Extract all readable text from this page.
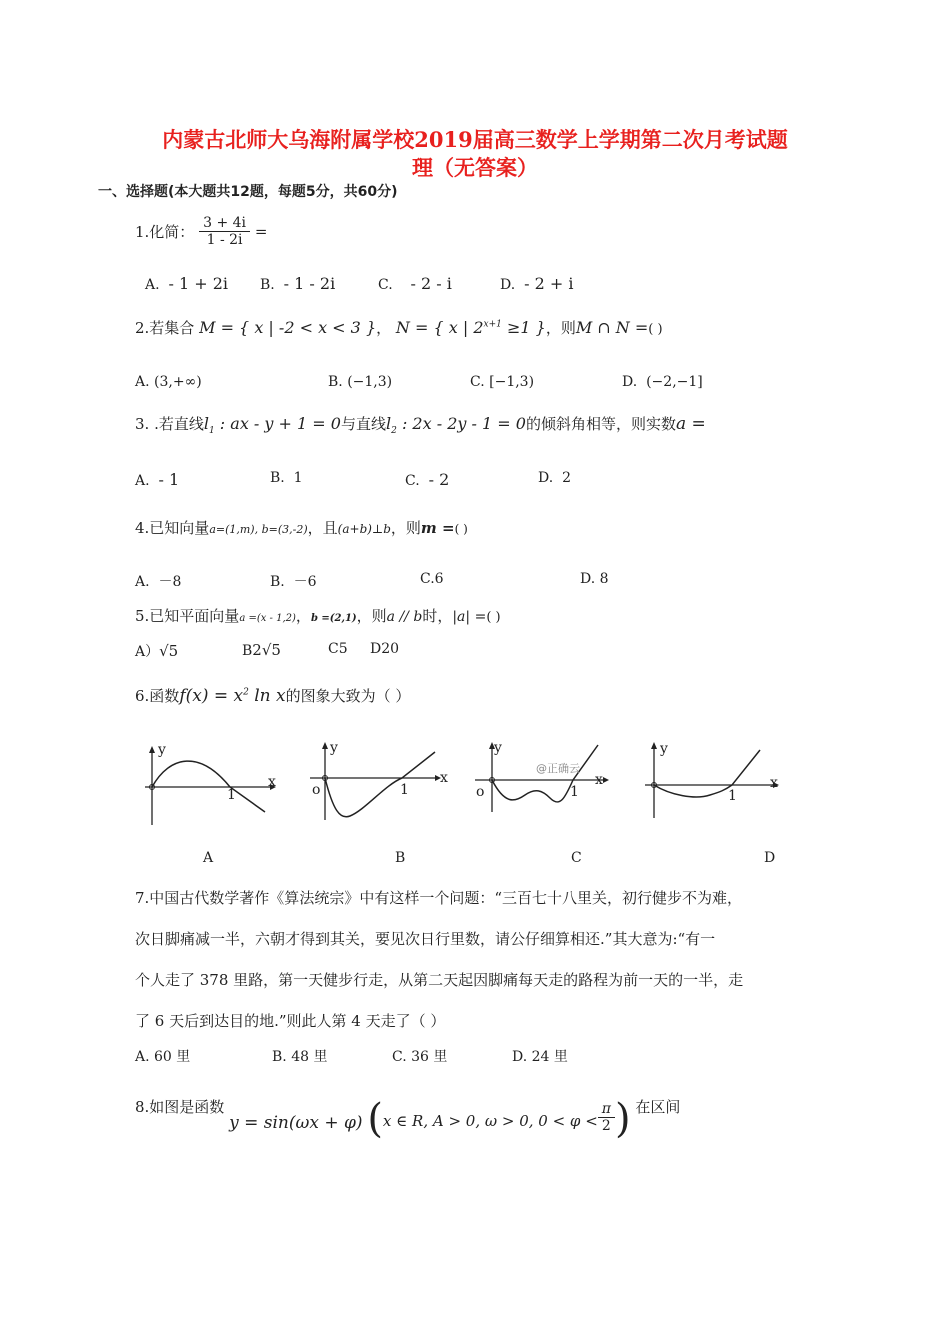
内蒙古北师大乌海附属学校2019届高三数学上学期第二次月考试题
理（无答案）
一、选择题(本大题共12题，每题5分，共60分)
1.化简： $\frac{3 + 4i}{1 - 2i}$ =
A. - 1 + 2i B. - 1 - 2i	C. - 2 - i	D. - 2 + i
2.若集合 M = { x | -2 < x < 3 }， N = { x | $2^{x+1} \ge 1$ }，则M ∩ N =( )
A. (3,+∞)	B. (−1,3)	C. [−1,3)	D. (−2,−1]
3. .若直线$l_1$ : ax - y + 1 = 0与直线$l_2$ : 2x - 2y - 1 = 0的倾斜角相等，则实数a =
A. - 1	B. 1	C. - 2	D. 2
4.已知向量a=(1,m), b=(3,-2)，且(a+b)⊥b，则m =( )
A. －8	B. －6	C.6	D. 8
5.已知平面向量a =(x - 1,2)，b =(2,1)，则a // b时，|a| =( )
A）√5	B2√5	C5 D20
6.函数$f(x) = x^2$ ln x的图象大致为（ ）
y
x
1
A
y
x
o	1
B
y
x
o	1
@正确云
C
y
x
1
D
7.中国古代数学著作《算法统宗》中有这样一个问题：“三百七十八里关，初行健步不为难，
次日脚痛减一半，六朝才得到其关，要见次日行里数，请公仔细算相还.”其大意为:“有一
个人走了 378 里路，第一天健步行走，从第二天起因脚痛每天走的路程为前一天的一半，走
了 6 天后到达目的地.”则此人第 4 天走了（ ）
A. 60 里	B. 48 里	C. 36 里	D. 24 里
8.如图是函数 y = sin(ωx + φ) (x ∈ R, A > 0, ω > 0, $0 < \varphi < \frac{\pi}{2}$ ) 在区间
